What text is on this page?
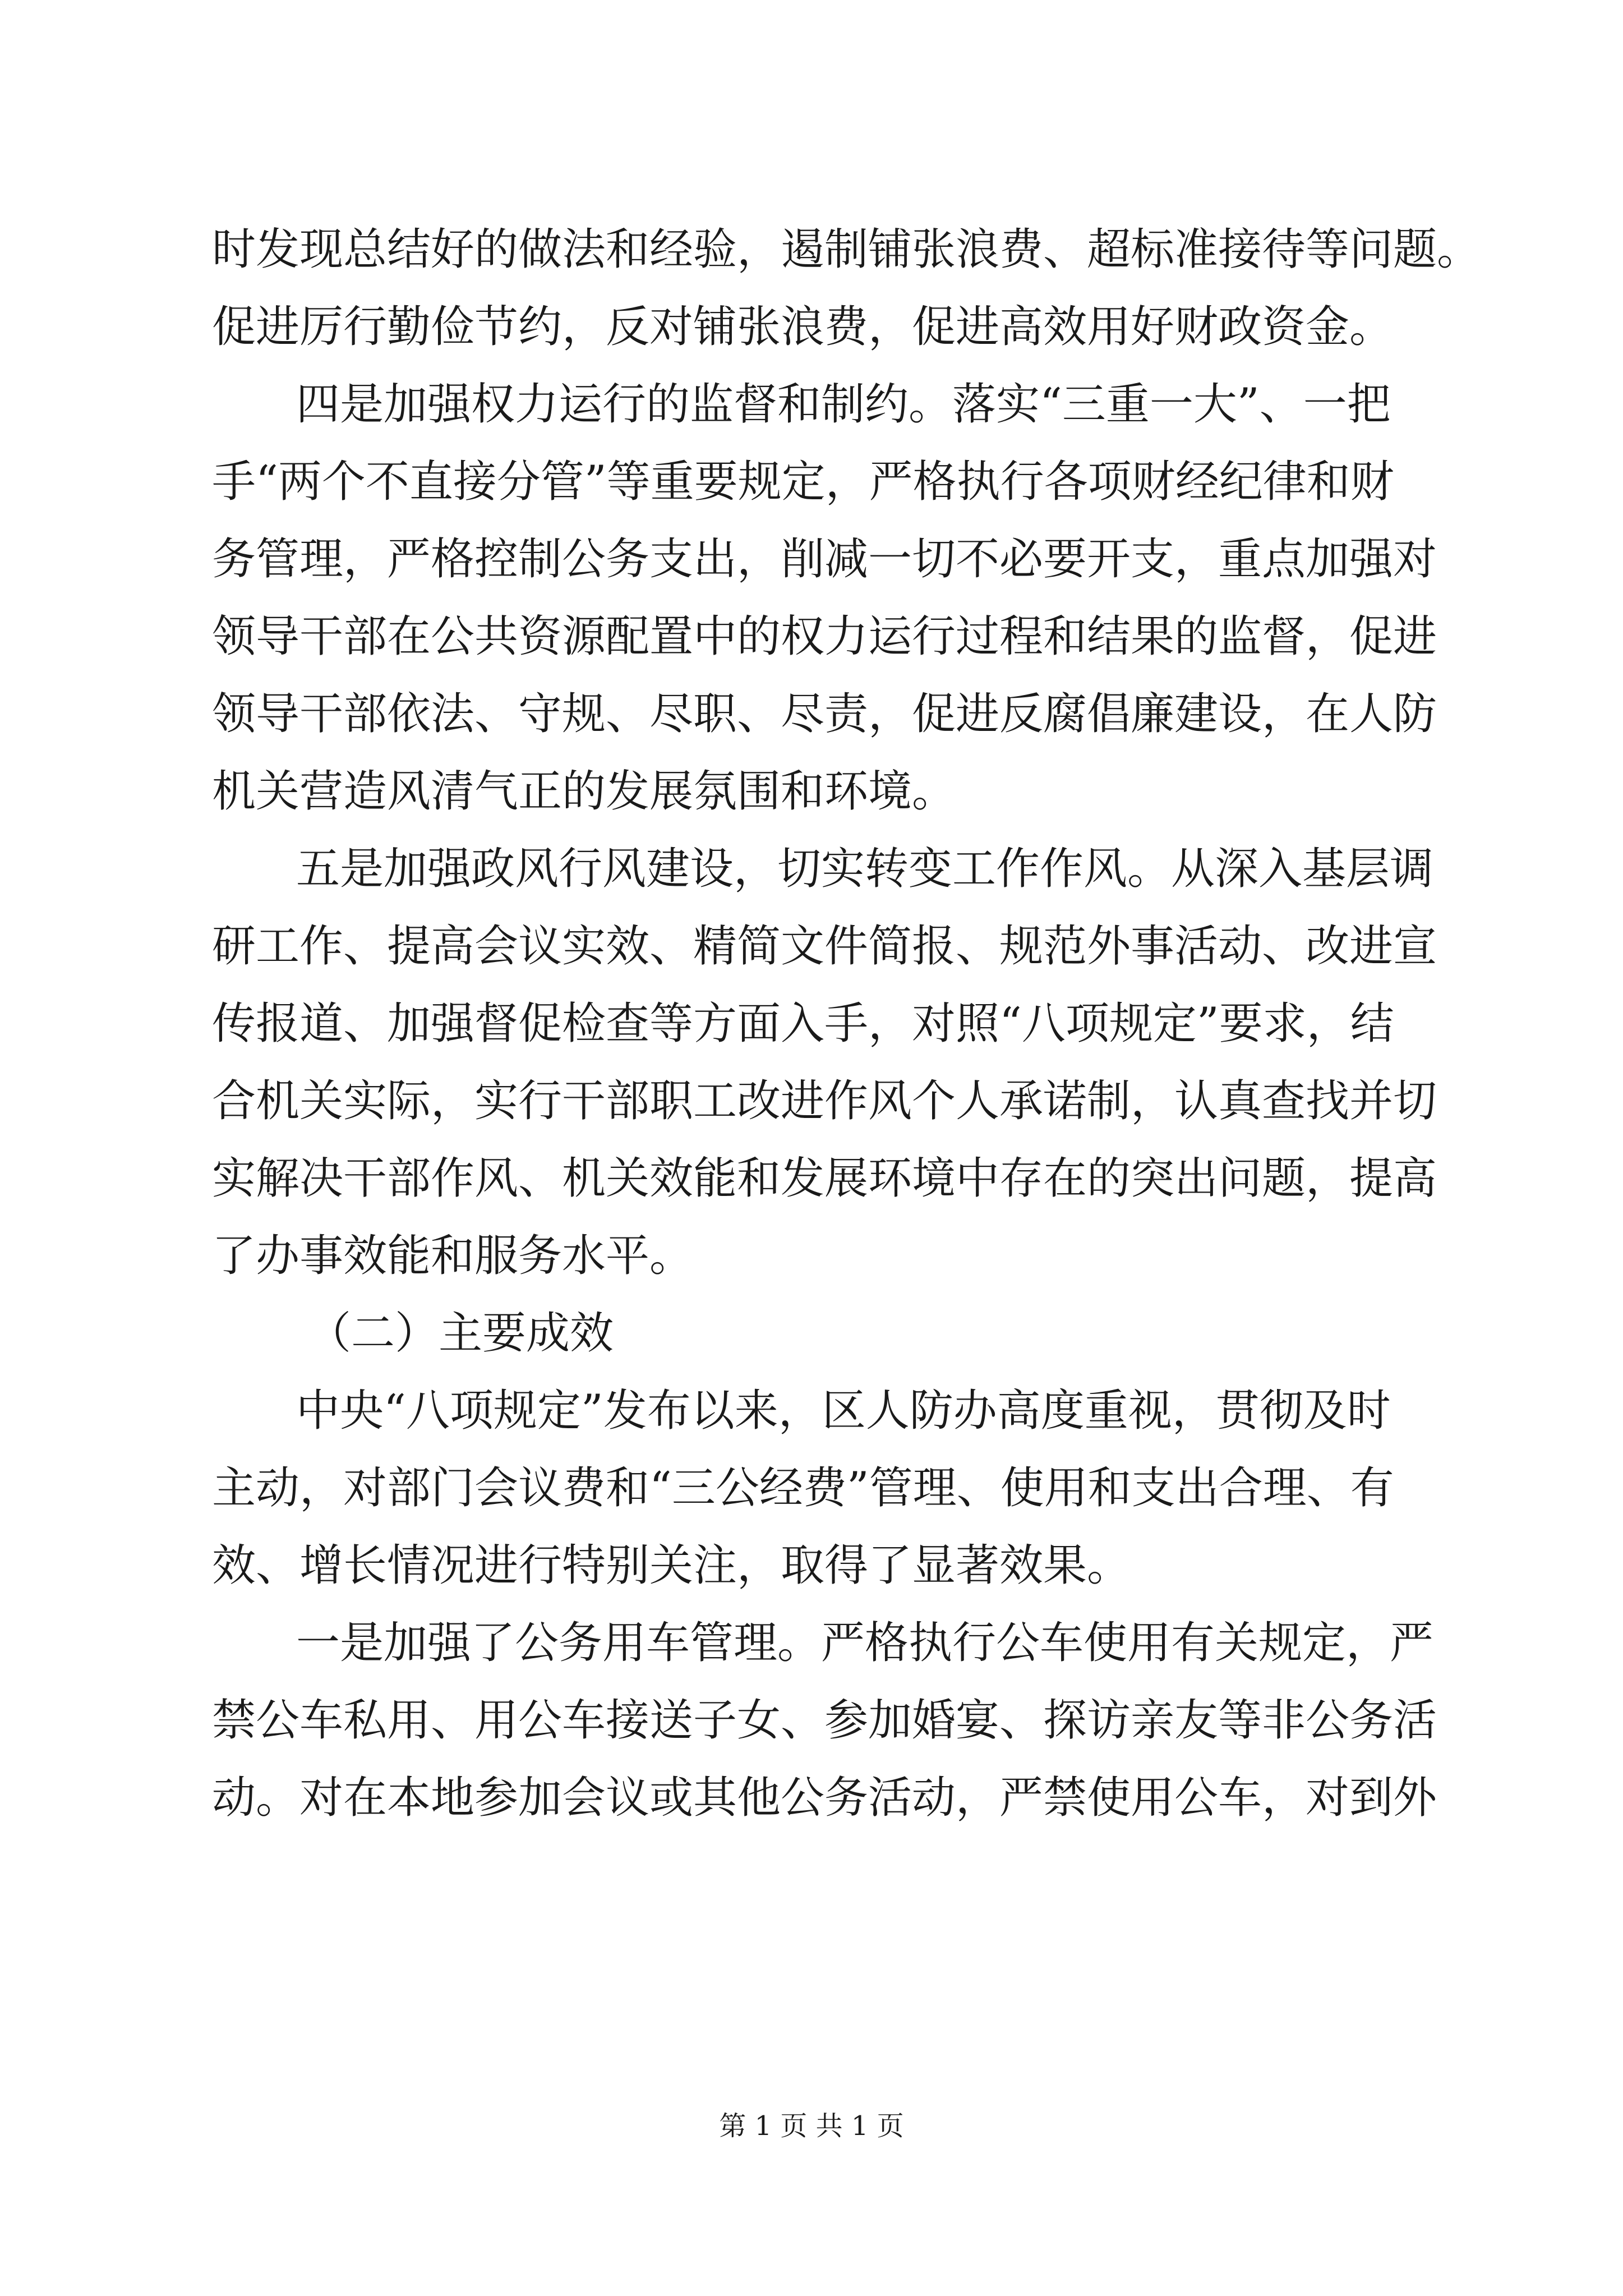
时发现总结好的做法和经验，遏制铺张浪费、超标准接待等问题。
促进厉行勤俭节约，反对铺张浪费，促进高效用好财政资金。
四是加强权力运行的监督和制约。落实“三重一大”、一把
手“两个不直接分管”等重要规定，严格执行各项财经纪律和财
务管理，严格控制公务支出，削减一切不必要开支，重点加强对
领导干部在公共资源配置中的权力运行过程和结果的监督，促进
领导干部依法、守规、尽职、尽责，促进反腐倡廉建设，在人防
机关营造风清气正的发展氛围和环境。
五是加强政风行风建设，切实转变工作作风。从深入基层调
研工作、提高会议实效、精简文件简报、规范外事活动、改进宣
传报道、加强督促检查等方面入手，对照“八项规定”要求，结
合机关实际，实行干部职工改进作风个人承诺制，认真查找并切
实解决干部作风、机关效能和发展环境中存在的突出问题，提高
了办事效能和服务水平。
（二）主要成效
中央“八项规定”发布以来，区人防办高度重视，贯彻及时
主动，对部门会议费和“三公经费”管理、使用和支出合理、有
效、增长情况进行特别关注，取得了显著效果。
一是加强了公务用车管理。严格执行公车使用有关规定，严
禁公车私用、用公车接送子女、参加婚宴、探访亲友等非公务活
动。对在本地参加会议或其他公务活动，严禁使用公车，对到外
第 1 页 共 1 页
